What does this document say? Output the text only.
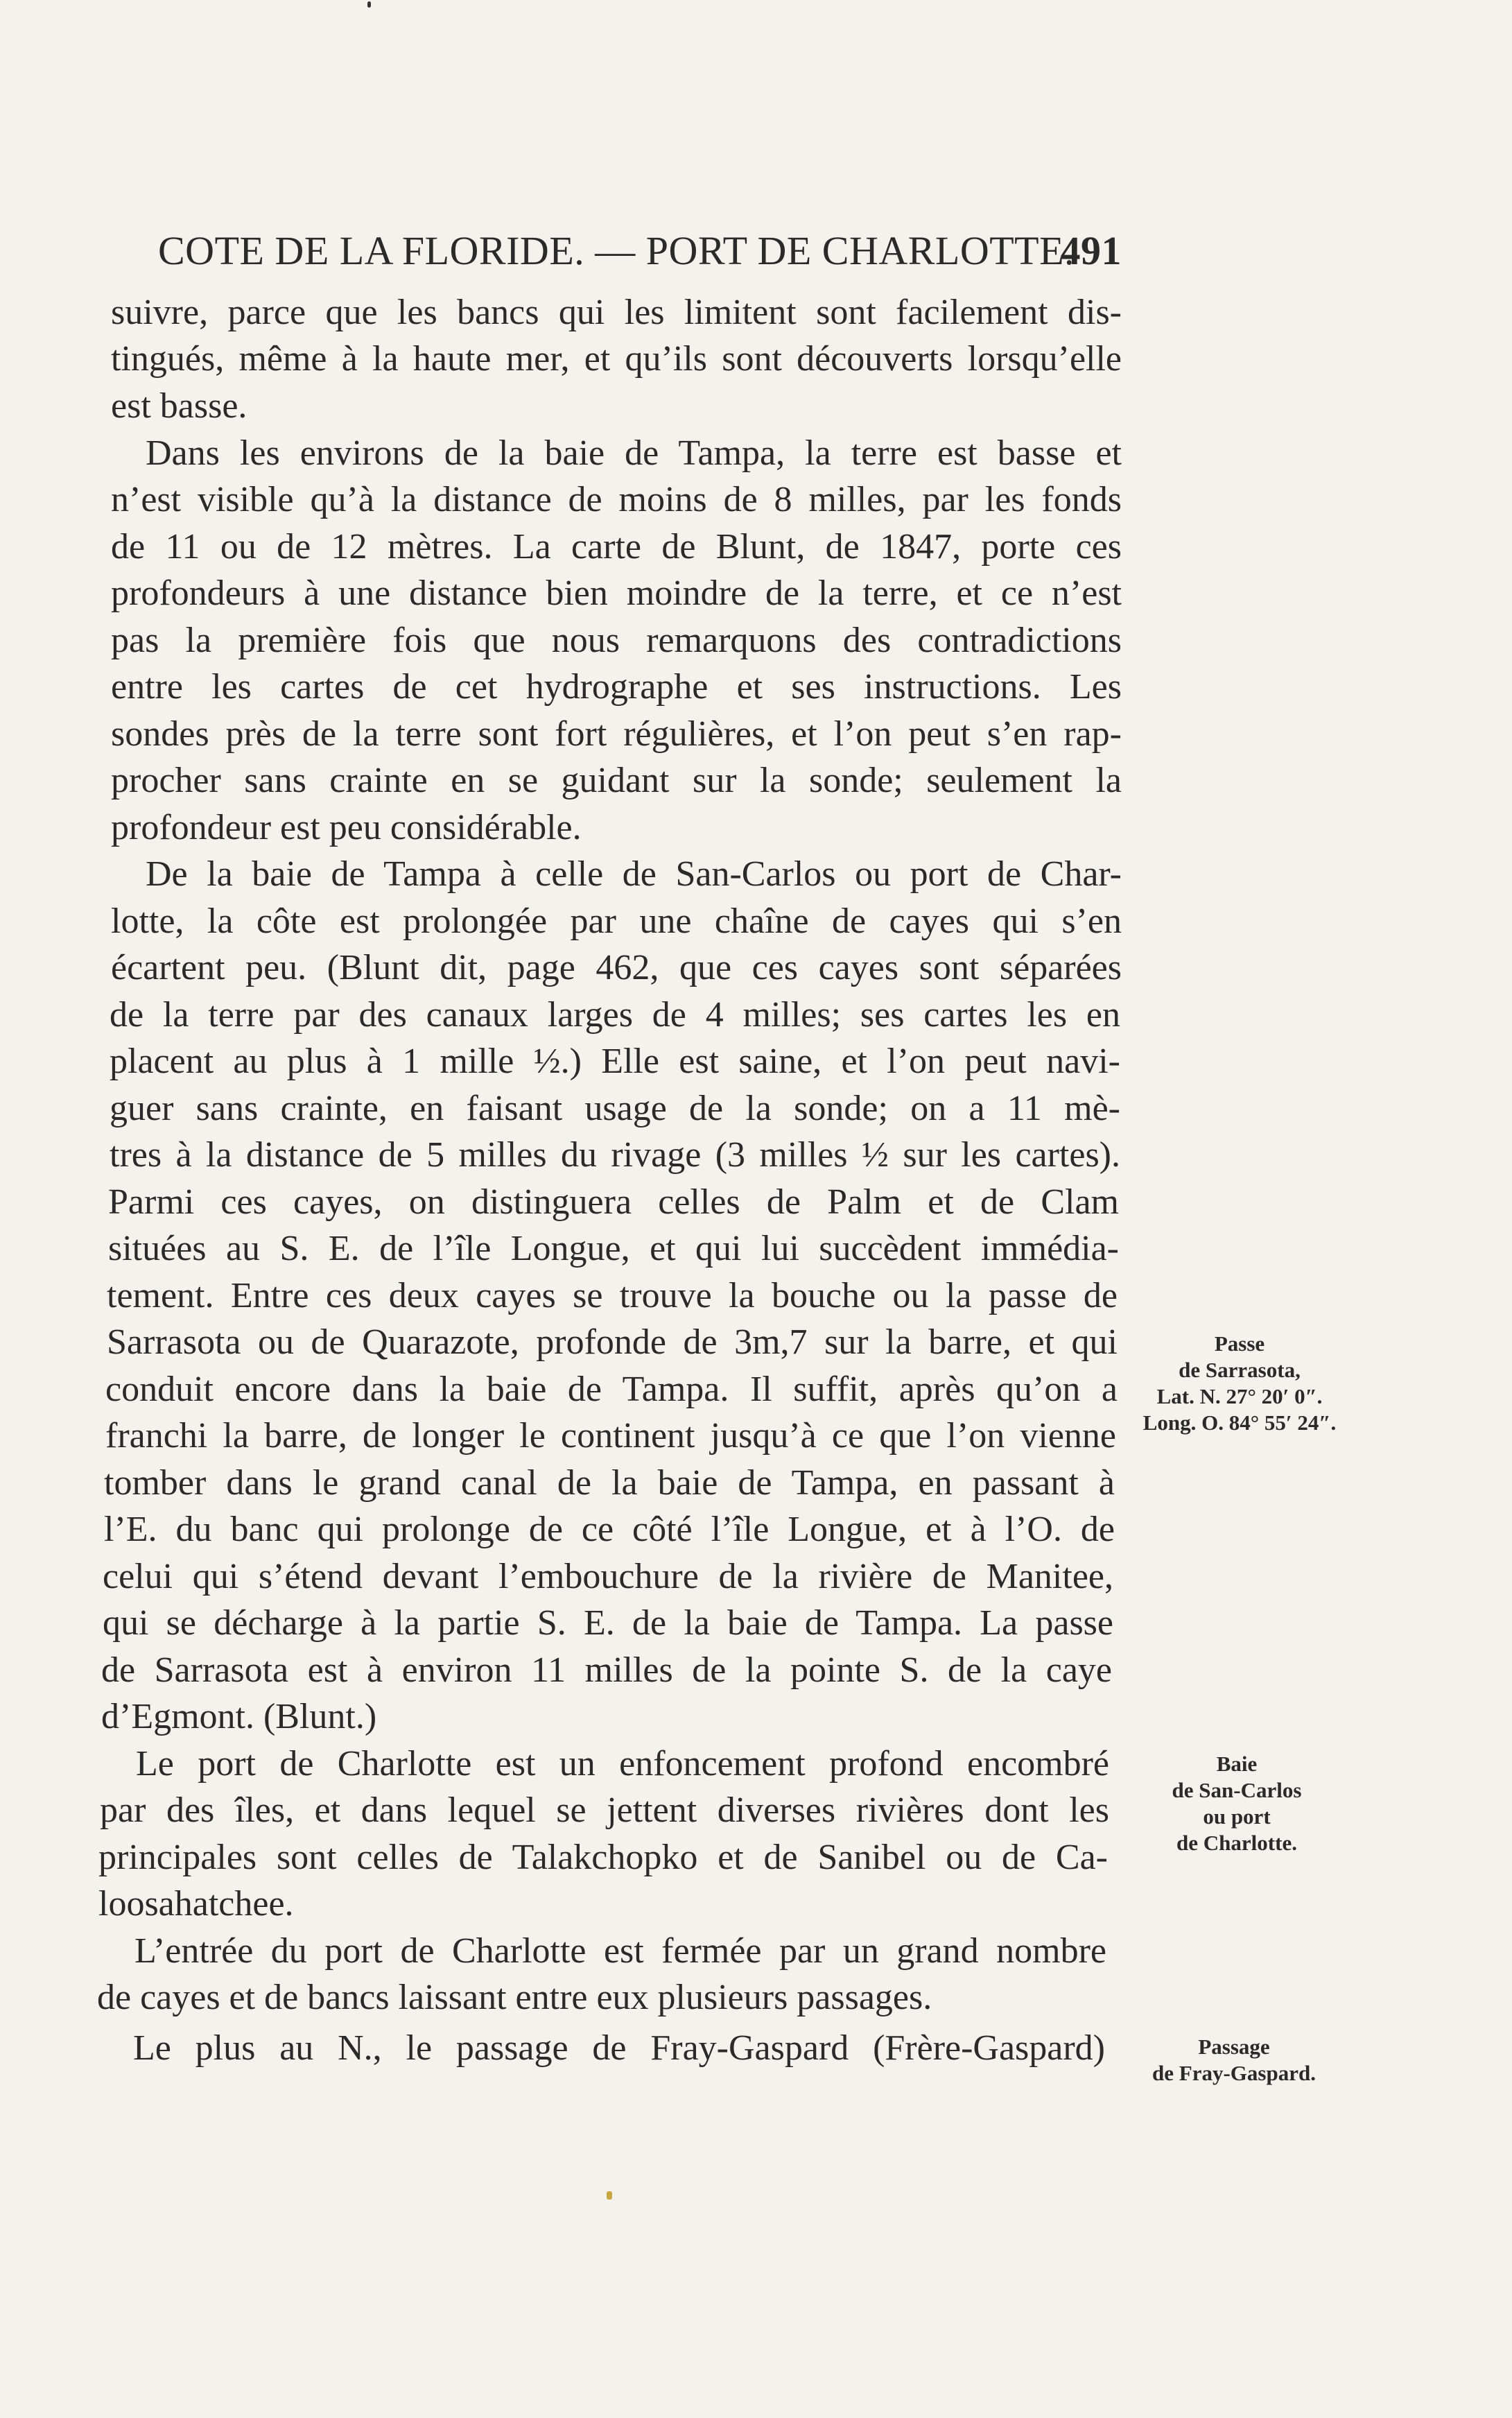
COTE DE LA FLORIDE. — PORT DE CHARLOTTE.
491
suivre, parce que les bancs qui les limitent sont facilement dis-
tingués, même à la haute mer, et qu’ils sont découverts lorsqu’elle
est basse.
Dans les environs de la baie de Tampa, la terre est basse et
n’est visible qu’à la distance de moins de 8 milles, par les fonds
de 11 ou de 12 mètres. La carte de Blunt, de 1847, porte ces
profondeurs à une distance bien moindre de la terre, et ce n’est
pas la première fois que nous remarquons des contradictions
entre les cartes de cet hydrographe et ses instructions. Les
sondes près de la terre sont fort régulières, et l’on peut s’en rap-
procher sans crainte en se guidant sur la sonde; seulement la
profondeur est peu considérable.
De la baie de Tampa à celle de San-Carlos ou port de Char-
lotte, la côte est prolongée par une chaîne de cayes qui s’en
écartent peu. (Blunt dit, page 462, que ces cayes sont séparées
de la terre par des canaux larges de 4 milles; ses cartes les en
placent au plus à 1 mille ½.) Elle est saine, et l’on peut navi-
guer sans crainte, en faisant usage de la sonde; on a 11 mè-
tres à la distance de 5 milles du rivage (3 milles ½ sur les cartes).
Parmi ces cayes, on distinguera celles de Palm et de Clam
situées au S. E. de l’île Longue, et qui lui succèdent immédia-
tement. Entre ces deux cayes se trouve la bouche ou la passe de
Sarrasota ou de Quarazote, profonde de 3m,7 sur la barre, et qui
conduit encore dans la baie de Tampa. Il suffit, après qu’on a
franchi la barre, de longer le continent jusqu’à ce que l’on vienne
tomber dans le grand canal de la baie de Tampa, en passant à
l’E. du banc qui prolonge de ce côté l’île Longue, et à l’O. de
celui qui s’étend devant l’embouchure de la rivière de Manitee,
qui se décharge à la partie S. E. de la baie de Tampa. La passe
de Sarrasota est à environ 11 milles de la pointe S. de la caye
d’Egmont. (Blunt.)
Le port de Charlotte est un enfoncement profond encombré
par des îles, et dans lequel se jettent diverses rivières dont les
principales sont celles de Talakchopko et de Sanibel ou de Ca-
loosahatchee.
L’entrée du port de Charlotte est fermée par un grand nombre
de cayes et de bancs laissant entre eux plusieurs passages.
Le plus au N., le passage de Fray-Gaspard (Frère-Gaspard)
Passe
de Sarrasota,
Lat. N. 27° 20′ 0″.
Long. O. 84° 55′ 24″.
Baie
de San-Carlos
ou port
de Charlotte.
Passage
de Fray-Gaspard.
